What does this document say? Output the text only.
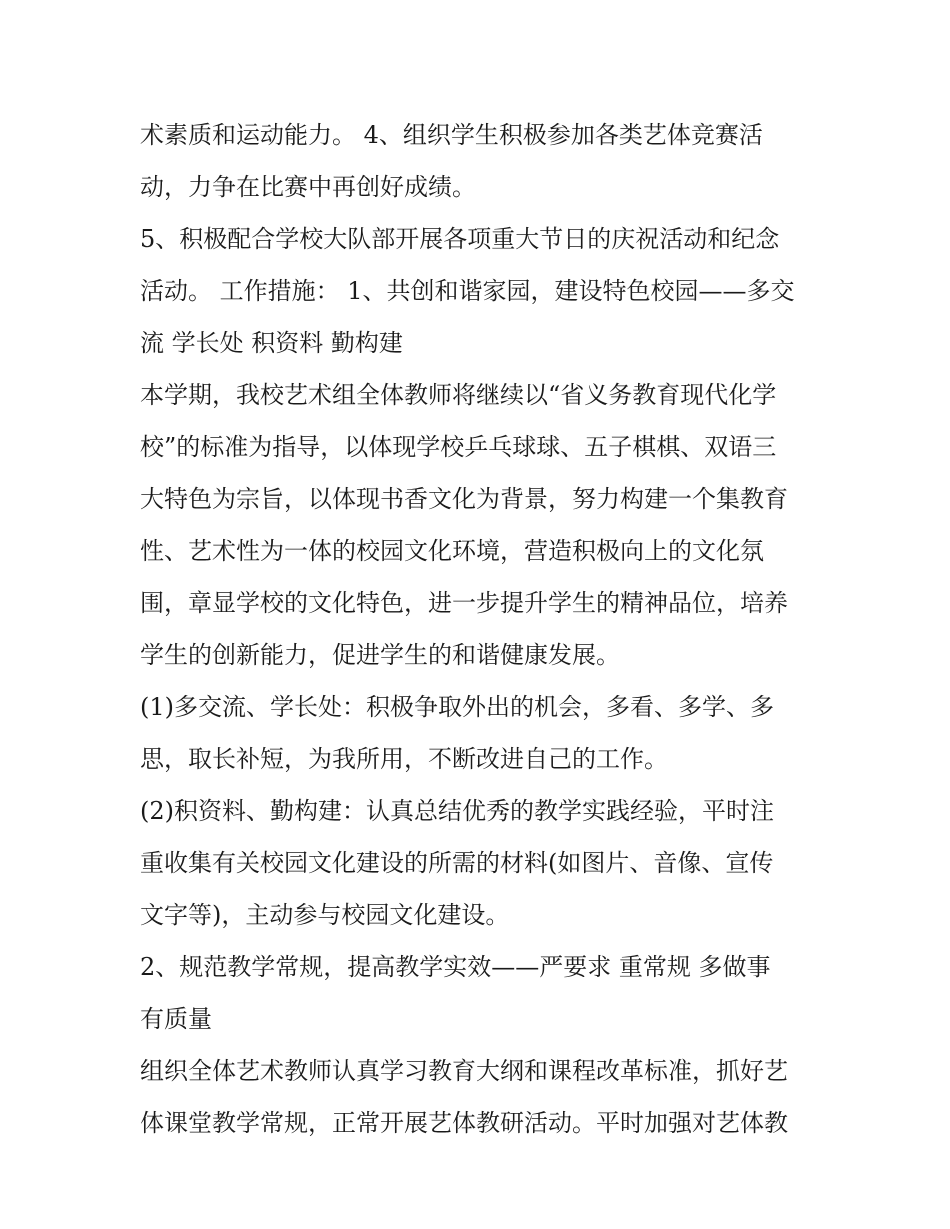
术素质和运动能力。 4、组织学生积极参加各类艺体竞赛活
动，力争在比赛中再创好成绩。
5、积极配合学校大队部开展各项重大节日的庆祝活动和纪念
活动。 工作措施： 1、共创和谐家园，建设特色校园——多交
流 学长处 积资料 勤构建
本学期，我校艺术组全体教师将继续以“省义务教育现代化学
校”的标准为指导，以体现学校乒乓球球、五子棋棋、双语三
大特色为宗旨，以体现书香文化为背景，努力构建一个集教育
性、艺术性为一体的校园文化环境，营造积极向上的文化氛
围，章显学校的文化特色，进一步提升学生的精神品位，培养
学生的创新能力，促进学生的和谐健康发展。
(1)多交流、学长处：积极争取外出的机会，多看、多学、多
思，取长补短，为我所用，不断改进自己的工作。
(2)积资料、勤构建：认真总结优秀的教学实践经验，平时注
重收集有关校园文化建设的所需的材料(如图片、音像、宣传
文字等)，主动参与校园文化建设。
2、规范教学常规，提高教学实效——严要求 重常规 多做事
有质量
组织全体艺术教师认真学习教育大纲和课程改革标准，抓好艺
体课堂教学常规，正常开展艺体教研活动。平时加强对艺体教
